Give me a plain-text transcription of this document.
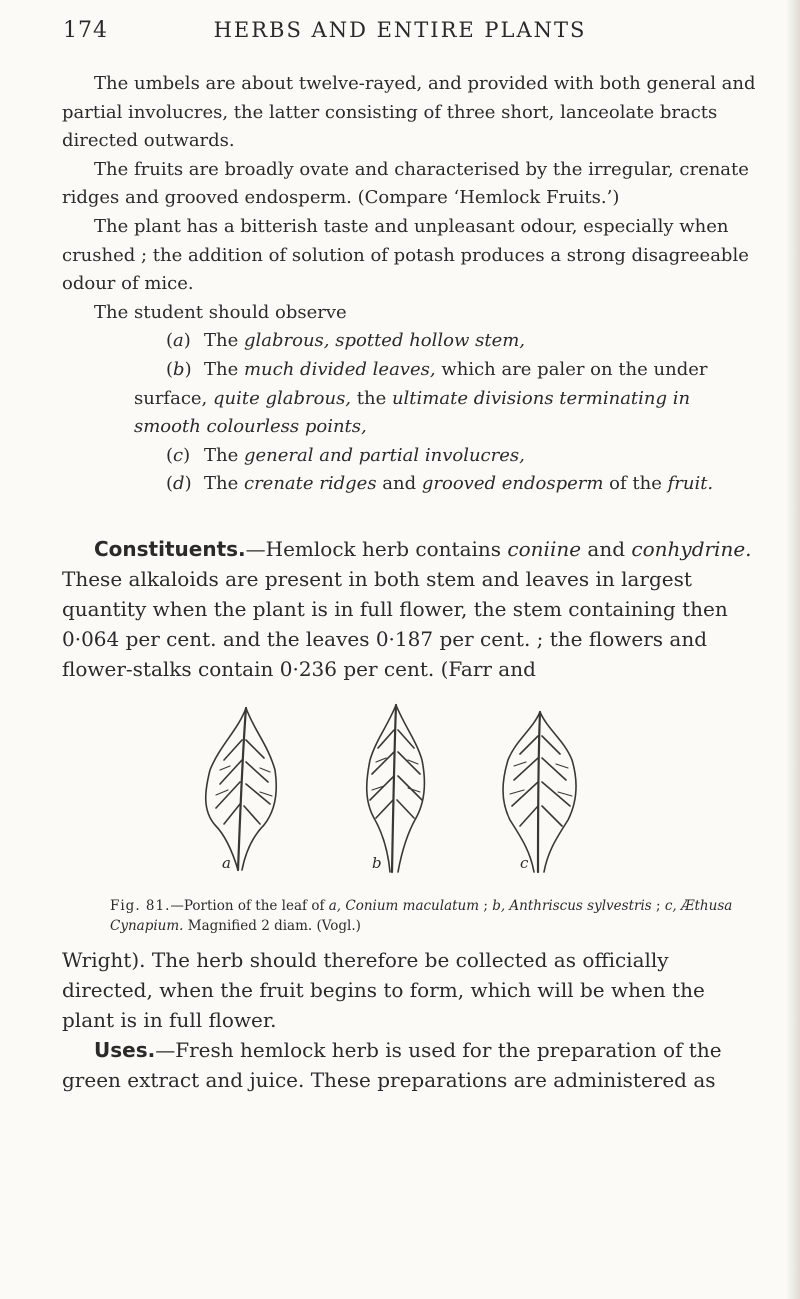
174	HERBS AND ENTIRE PLANTS

The umbels are about twelve-rayed, and provided with both general and partial involucres, the latter consisting of three short, lanceolate bracts directed outwards.

The fruits are broadly ovate and characterised by the irregular, crenate ridges and grooved endosperm. (Compare ‘Hemlock Fruits.’)

The plant has a bitterish taste and unpleasant odour, especially when crushed ; the addition of solution of potash produces a strong disagreeable odour of mice.

The student should observe

(a) The glabrous, spotted hollow stem,

(b) The much divided leaves, which are paler on the under surface, quite glabrous, the ultimate divisions terminating in smooth colourless points,

(c) The general and partial involucres,

(d) The crenate ridges and grooved endosperm of the fruit.

Constituents.—Hemlock herb contains coniine and conhydrine. These alkaloids are present in both stem and leaves in largest quantity when the plant is in full flower, the stem containing then 0·064 per cent. and the leaves 0·187 per cent. ; the flowers and flower-stalks contain 0·236 per cent. (Farr and

a	b	c
Fig. 81.—Portion of the leaf of a, Conium maculatum ; b, Anthriscus sylvestris ; c, Æthusa Cynapium. Magnified 2 diam. (Vogl.)

Wright). The herb should therefore be collected as officially directed, when the fruit begins to form, which will be when the plant is in full flower.

Uses.—Fresh hemlock herb is used for the preparation of the green extract and juice. These preparations are administered as
